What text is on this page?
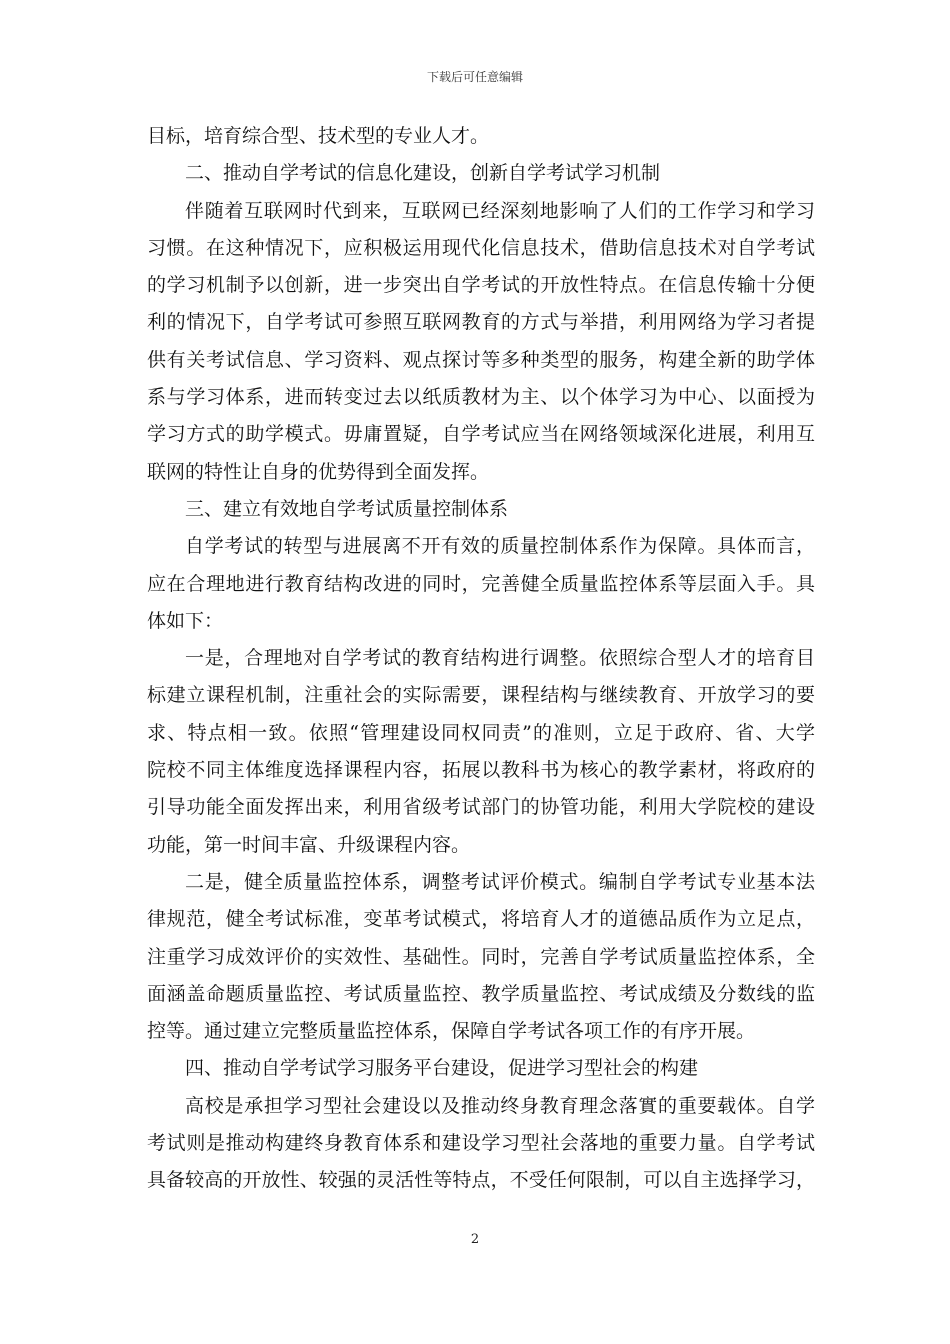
下载后可任意编辑
目标，培育综合型、技术型的专业人才。
二、推动自学考试的信息化建设，创新自学考试学习机制
伴随着互联网时代到来，互联网已经深刻地影响了人们的工作学习和学习
习惯。在这种情况下，应积极运用现代化信息技术，借助信息技术对自学考试
的学习机制予以创新，进一步突出自学考试的开放性特点。在信息传输十分便
利的情况下，自学考试可参照互联网教育的方式与举措，利用网络为学习者提
供有关考试信息、学习资料、观点探讨等多种类型的服务，构建全新的助学体
系与学习体系，进而转变过去以纸质教材为主、以个体学习为中心、以面授为
学习方式的助学模式。毋庸置疑，自学考试应当在网络领域深化进展，利用互
联网的特性让自身的优势得到全面发挥。
三、建立有效地自学考试质量控制体系
自学考试的转型与进展离不开有效的质量控制体系作为保障。具体而言，
应在合理地进行教育结构改进的同时，完善健全质量监控体系等层面入手。具
体如下：
一是，合理地对自学考试的教育结构进行调整。依照综合型人才的培育目
标建立课程机制，注重社会的实际需要，课程结构与继续教育、开放学习的要
求、特点相一致。依照“管理建设同权同责”的准则，立足于政府、省、大学
院校不同主体维度选择课程内容，拓展以教科书为核心的教学素材，将政府的
引导功能全面发挥出来，利用省级考试部门的协管功能，利用大学院校的建设
功能，第一时间丰富、升级课程内容。
二是，健全质量监控体系，调整考试评价模式。编制自学考试专业基本法
律规范，健全考试标准，变革考试模式，将培育人才的道德品质作为立足点，
注重学习成效评价的实效性、基础性。同时，完善自学考试质量监控体系，全
面涵盖命题质量监控、考试质量监控、教学质量监控、考试成绩及分数线的监
控等。通过建立完整质量监控体系，保障自学考试各项工作的有序开展。
四、推动自学考试学习服务平台建设，促进学习型社会的构建
高校是承担学习型社会建设以及推动终身教育理念落實的重要载体。自学
考试则是推动构建终身教育体系和建设学习型社会落地的重要力量。自学考试
具备较高的开放性、较强的灵活性等特点，不受任何限制，可以自主选择学习，
2
